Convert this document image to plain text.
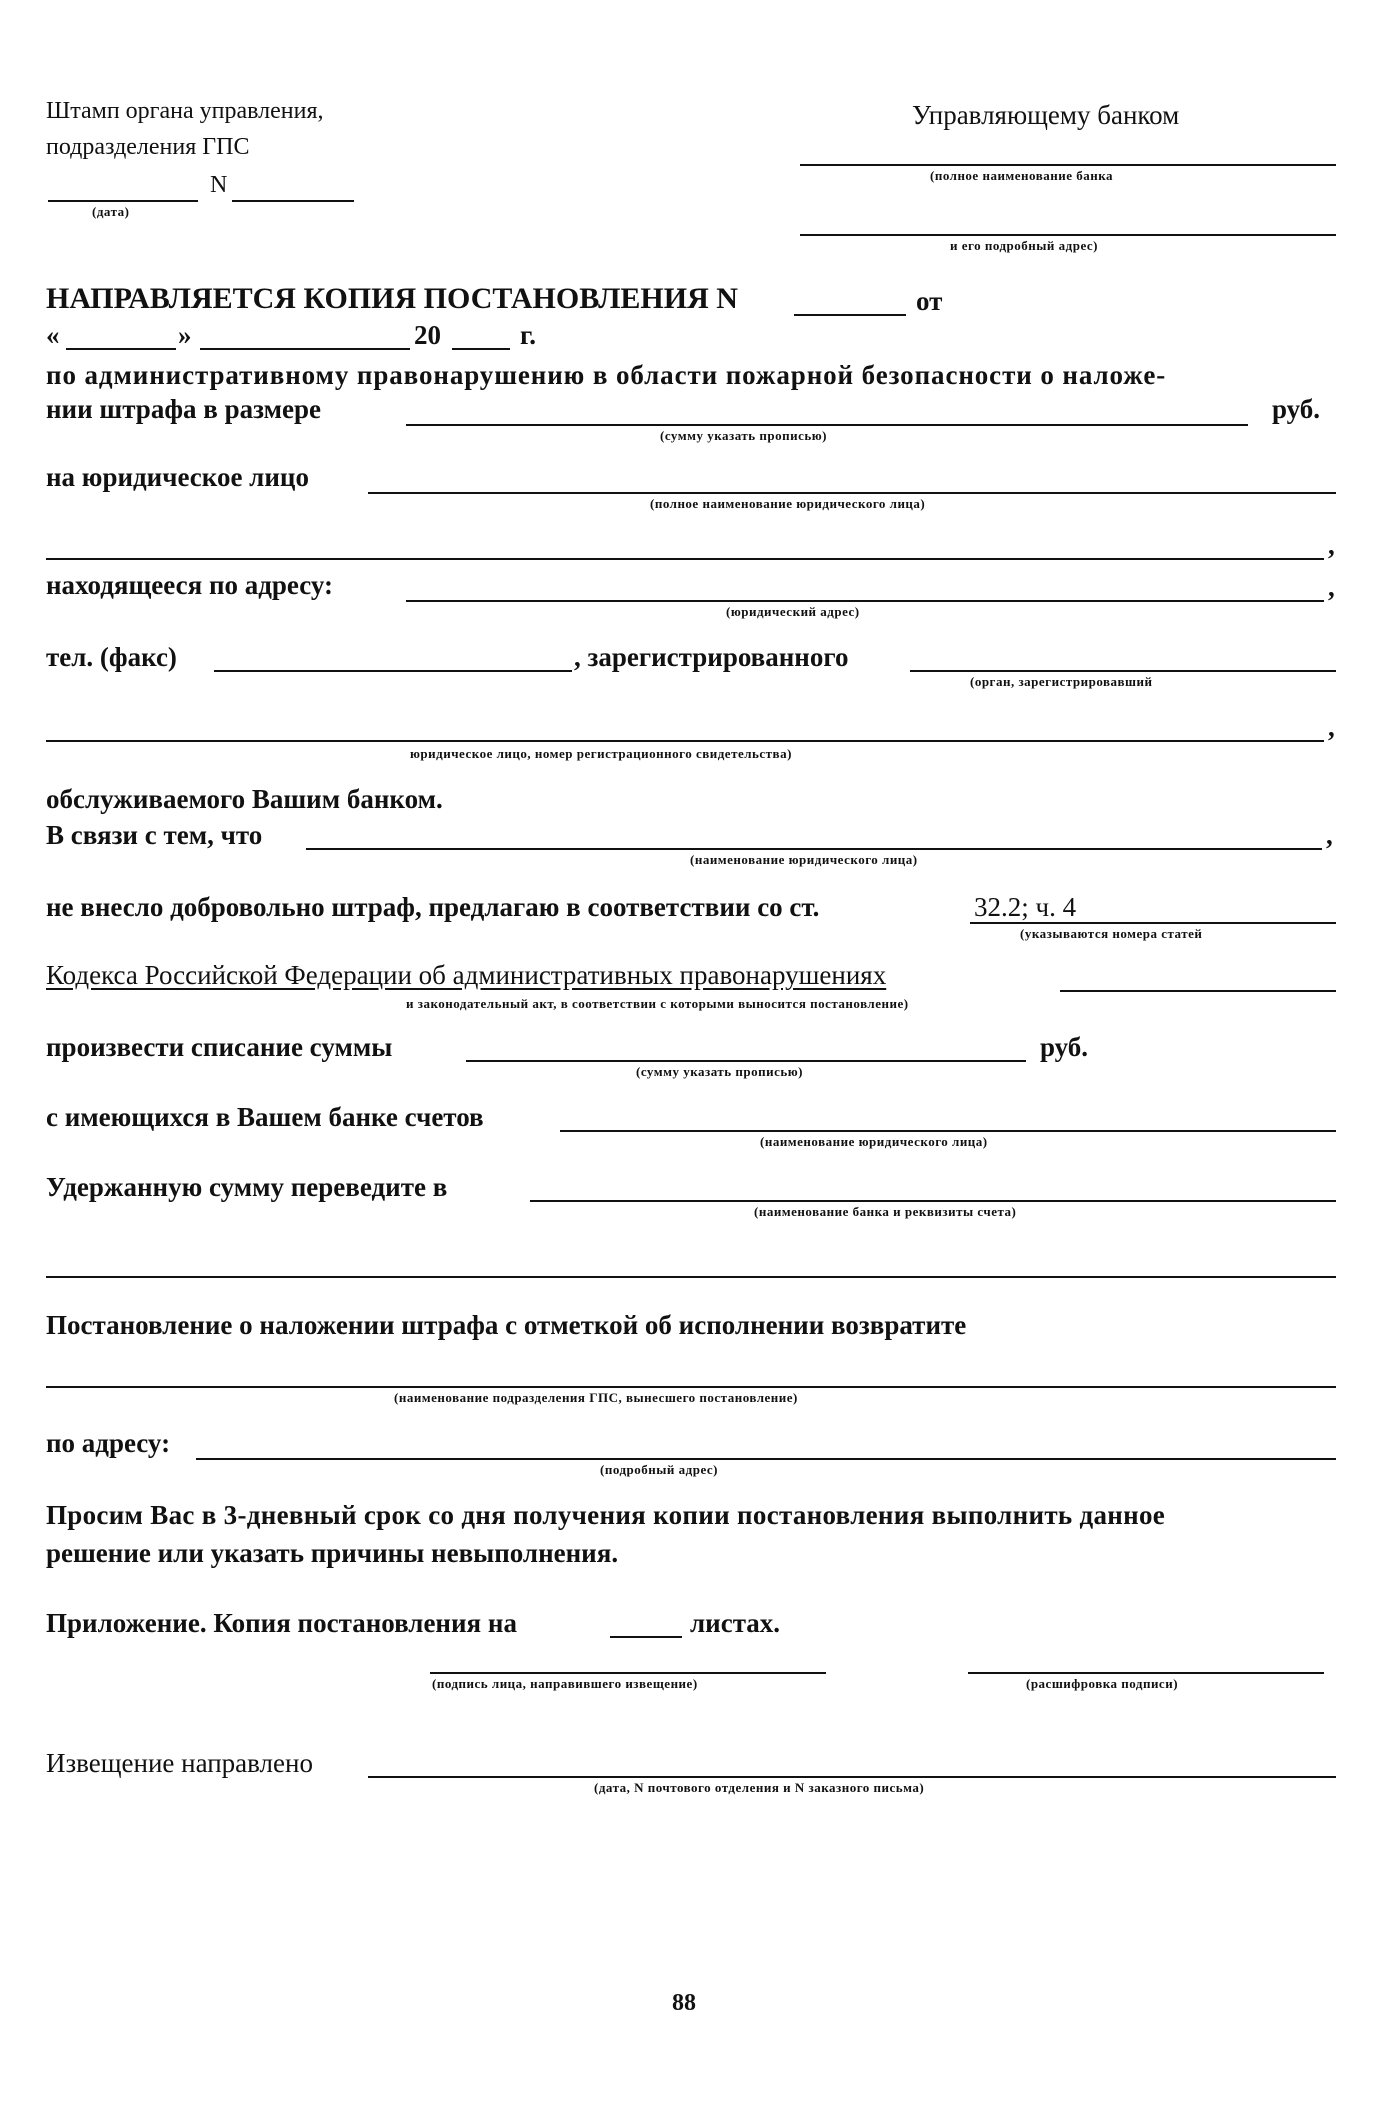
Штамп органа управления,
подразделения ГПС
(дата)
N
Управляющему банком
(полное наименование банка
и его подробный адрес)
НАПРАВЛЯЕТСЯ КОПИЯ ПОСТАНОВЛЕНИЯ N	от
«	»	20	г.
по административному правонарушению в области пожарной безопасности о наложе-
нии штрафа в размере	руб.
(сумму указать прописью)
на юридическое лицо
(полное наименование юридического лица)
,
находящееся по адресу:	,
(юридический адрес)
тел. (факс)	, зарегистрированного
(орган, зарегистрировавший
,
юридическое лицо, номер регистрационного свидетельства)
обслуживаемого Вашим банком.
В связи с тем, что	,
(наименование юридического лица)
не внесло добровольно штраф, предлагаю в соответствии со ст.	32.2; ч. 4
(указываются номера статей
Кодекса Российской Федерации об административных правонарушениях
и законодательный акт, в соответствии с которыми выносится постановление)
произвести списание суммы	руб.
(сумму указать прописью)
с имеющихся в Вашем банке счетов
(наименование юридического лица)
Удержанную сумму переведите в
(наименование банка и реквизиты счета)
Постановление о наложении штрафа с отметкой об исполнении возвратите
(наименование подразделения ГПС, вынесшего постановление)
по адресу:
(подробный адрес)
Просим Вас в 3-дневный срок со дня получения копии постановления выполнить данное
решение или указать причины невыполнения.
Приложение. Копия постановления на	листах.
(подпись лица, направившего извещение)	(расшифровка подписи)
Извещение направлено
(дата, N почтового отделения и N заказного письма)
88
